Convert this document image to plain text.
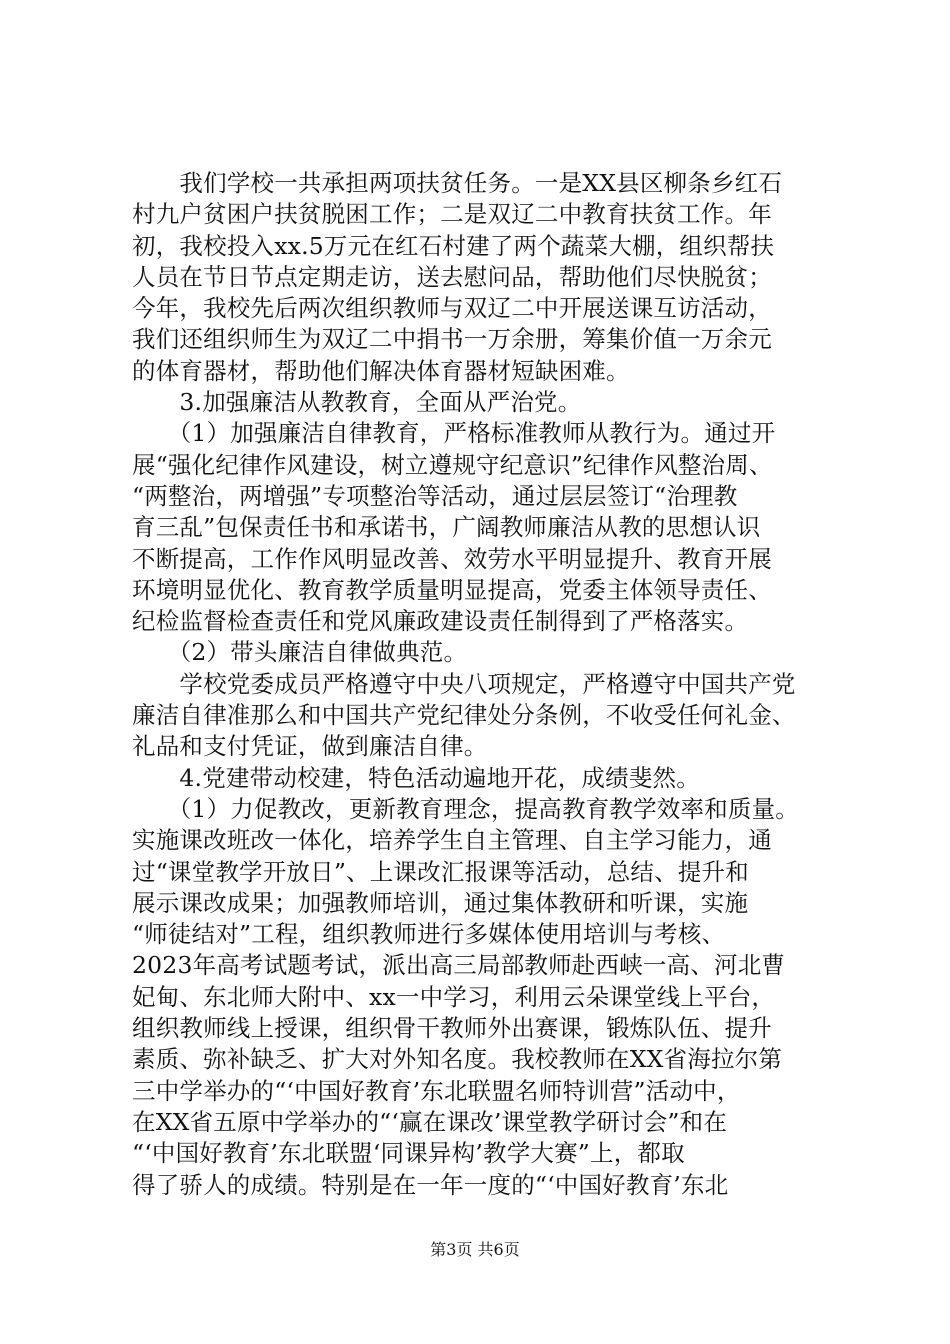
　　我们学校一共承担两项扶贫任务。一是XX县区柳条乡红石
村九户贫困户扶贫脱困工作；二是双辽二中教育扶贫工作。年
初，我校投入xx.5万元在红石村建了两个蔬菜大棚，组织帮扶
人员在节日节点定期走访，送去慰问品，帮助他们尽快脱贫；
今年，我校先后两次组织教师与双辽二中开展送课互访活动，
我们还组织师生为双辽二中捐书一万余册，筹集价值一万余元
的体育器材，帮助他们解决体育器材短缺困难。
　　3.加强廉洁从教教育，全面从严治党。
　　（1）加强廉洁自律教育，严格标准教师从教行为。通过开
展“强化纪律作风建设，树立遵规守纪意识”纪律作风整治周、
“两整治，两增强”专项整治等活动，通过层层签订“治理教
育三乱”包保责任书和承诺书，广阔教师廉洁从教的思想认识
不断提高，工作作风明显改善、效劳水平明显提升、教育开展
环境明显优化、教育教学质量明显提高，党委主体领导责任、
纪检监督检查责任和党风廉政建设责任制得到了严格落实。
　　（2）带头廉洁自律做典范。
　　学校党委成员严格遵守中央八项规定，严格遵守中国共产党
廉洁自律准那么和中国共产党纪律处分条例，不收受任何礼金、
礼品和支付凭证，做到廉洁自律。
　　4.党建带动校建，特色活动遍地开花，成绩斐然。
　　（1）力促教改，更新教育理念，提高教育教学效率和质量。
实施课改班改一体化，培养学生自主管理、自主学习能力，通
过“课堂教学开放日”、上课改汇报课等活动，总结、提升和
展示课改成果；加强教师培训，通过集体教研和听课，实施
“师徒结对”工程，组织教师进行多媒体使用培训与考核、
2023年高考试题考试，派出高三局部教师赴西峡一高、河北曹
妃甸、东北师大附中、xx一中学习，利用云朵课堂线上平台，
组织教师线上授课，组织骨干教师外出赛课，锻炼队伍、提升
素质、弥补缺乏、扩大对外知名度。我校教师在XX省海拉尔第
三中学举办的“‘中国好教育’东北联盟名师特训营”活动中，
在XX省五原中学举办的“‘赢在课改’课堂教学研讨会”和在
“‘中国好教育’东北联盟‘同课异构’教学大赛”上，都取
得了骄人的成绩。特别是在一年一度的“‘中国好教育’东北
第3页 共6页
